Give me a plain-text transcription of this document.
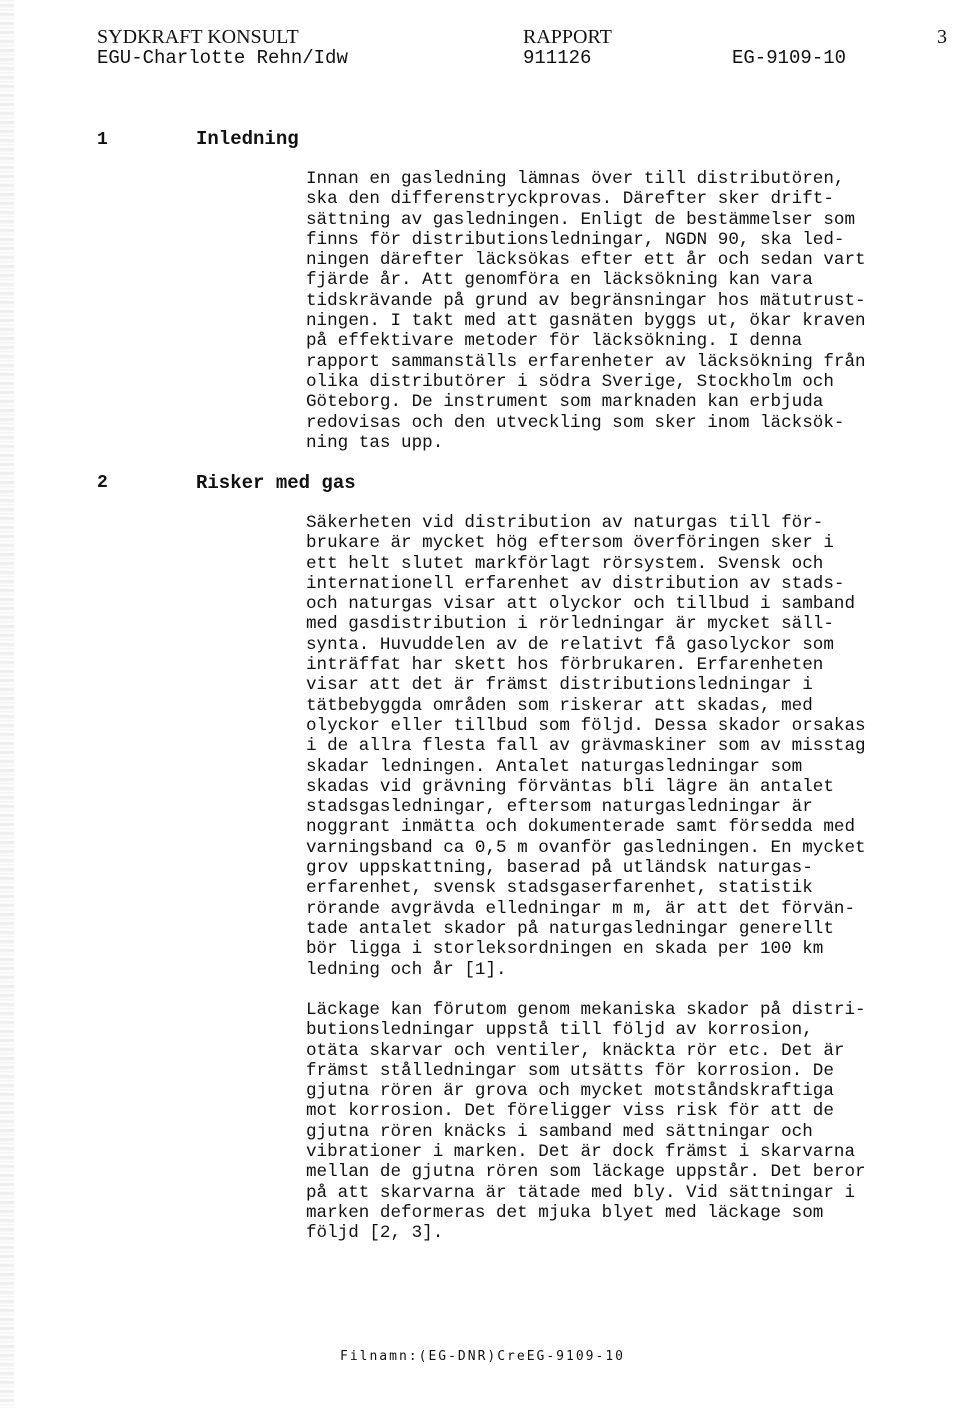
SYDKRAFT KONSULT
EGU-Charlotte Rehn/Idw
RAPPORT
911126	EG-9109-10
3
1	Inledning
Innan en gasledning lämnas över till distributören,
ska den differenstryckprovas. Därefter sker drift-
sättning av gasledningen. Enligt de bestämmelser som
finns för distributionsledningar, NGDN 90, ska led-
ningen därefter läcksökas efter ett år och sedan vart
fjärde år. Att genomföra en läcksökning kan vara
tidskrävande på grund av begränsningar hos mätutrust-
ningen. I takt med att gasnäten byggs ut, ökar kraven
på effektivare metoder för läcksökning. I denna
rapport sammanställs erfarenheter av läcksökning från
olika distributörer i södra Sverige, Stockholm och
Göteborg. De instrument som marknaden kan erbjuda
redovisas och den utveckling som sker inom läcksök-
ning tas upp.
2	Risker med gas
Säkerheten vid distribution av naturgas till för-
brukare är mycket hög eftersom överföringen sker i
ett helt slutet markförlagt rörsystem. Svensk och
internationell erfarenhet av distribution av stads-
och naturgas visar att olyckor och tillbud i samband
med gasdistribution i rörledningar är mycket säll-
synta. Huvuddelen av de relativt få gasolyckor som
inträffat har skett hos förbrukaren. Erfarenheten
visar att det är främst distributionsledningar i
tätbebyggda områden som riskerar att skadas, med
olyckor eller tillbud som följd. Dessa skador orsakas
i de allra flesta fall av grävmaskiner som av misstag
skadar ledningen. Antalet naturgasledningar som
skadas vid grävning förväntas bli lägre än antalet
stadsgasledningar, eftersom naturgasledningar är
noggrant inmätta och dokumenterade samt försedda med
varningsband ca 0,5 m ovanför gasledningen. En mycket
grov uppskattning, baserad på utländsk naturgas-
erfarenhet, svensk stadsgaserfarenhet, statistik
rörande avgrävda elledningar m m, är att det förvän-
tade antalet skador på naturgasledningar generellt
bör ligga i storleksordningen en skada per 100 km
ledning och år [1].
Läckage kan förutom genom mekaniska skador på distri-
butionsledningar uppstå till följd av korrosion,
otäta skarvar och ventiler, knäckta rör etc. Det är
främst stålledningar som utsätts för korrosion. De
gjutna rören är grova och mycket motståndskraftiga
mot korrosion. Det föreligger viss risk för att de
gjutna rören knäcks i samband med sättningar och
vibrationer i marken. Det är dock främst i skarvarna
mellan de gjutna rören som läckage uppstår. Det beror
på att skarvarna är tätade med bly. Vid sättningar i
marken deformeras det mjuka blyet med läckage som
följd [2, 3].
Filnamn:(EG-DNR)CreEG-9109-10
